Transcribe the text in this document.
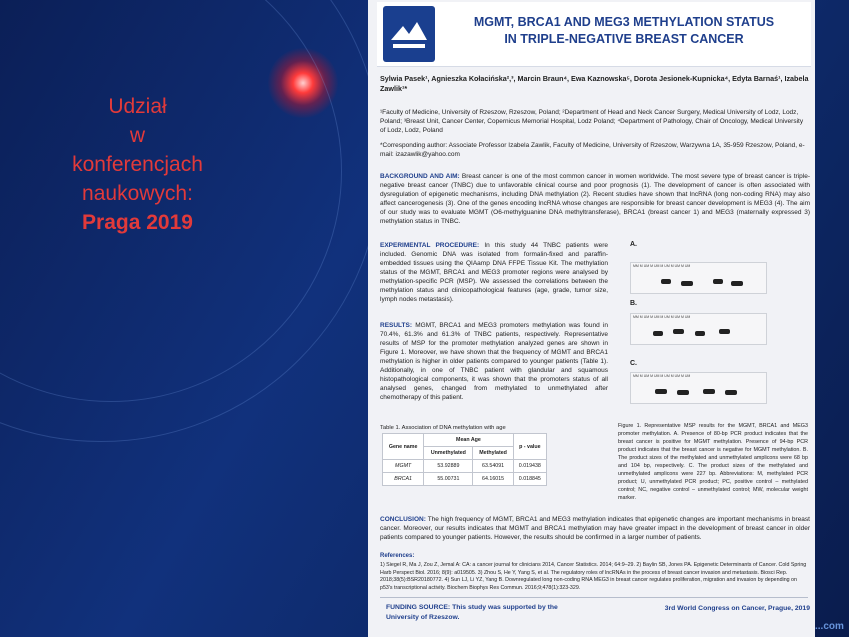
Udział
w
konferencjach
naukowych:
Praga 2019
MGMT, BRCA1 AND MEG3 METHYLATION STATUS
IN TRIPLE-NEGATIVE BREAST CANCER
Sylwia Pasek¹, Agnieszka Kołacińska²,³, Marcin Braun⁴, Ewa Kaznowska⁵, Dorota Jesionek-Kupnicka⁴, Edyta Barnaś¹, Izabela Zawlik¹*
¹Faculty of Medicine, University of Rzeszow, Rzeszow, Poland; ²Department of Head and Neck Cancer Surgery, Medical University of Lodz, Lodz, Poland; ³Breast Unit, Cancer Center, Copernicus Memorial Hospital, Lodz Poland; ⁴Department of Pathology, Chair of Oncology, Medical University of Lodz, Lodz, Poland
*Corresponding author: Associate Professor Izabela Zawlik, Faculty of Medicine, University of Rzeszow, Warzywna 1A, 35-959 Rzeszow, Poland, e-mail: izazawlik@yahoo.com
BACKGROUND AND AIM: Breast cancer is one of the most common cancer in women worldwide. The most severe type of breast cancer is triple-negative breast cancer (TNBC) due to unfavorable clinical course and poor prognosis (1). The development of cancer is often associated with dysregulation of epigenetic mechanisms, including DNA methylation (2). Recent studies have shown that lncRNA (long non-coding RNA) may also affect cancerogenesis (3). One of the genes encoding lncRNA whose changes are responsible for breast cancer development is MEG3 (4). The aim of our study was to evaluate MGMT (O6-methylguanine DNA methyltransferase), BRCA1 (breast cancer 1) and MEG3 (maternally expressed 3) methylation status in TNBC.
EXPERIMENTAL PROCEDURE: In this study 44 TNBC patients were included. Genomic DNA was isolated from formalin-fixed and paraffin-embedded tissues using the QIAamp DNA FFPE Tissue Kit. The methylation status of the MGMT, BRCA1 and MEG3 promoter regions were analysed by methylation-specific PCR (MSP). We assessed the correlations between the methylation status and clinicopathological features (age, grade, tumor size, lymph nodes metastasis).
RESULTS: MGMT, BRCA1 and MEG3 promoters methylation was found in 70.4%, 61.3% and 61.3% of TNBC patients, respectively. Representative results of MSP for the promoter methylation analyzed genes are shown in Figure 1. Moreover, we have shown that the frequency of MGMT and BRCA1 methylation is higher in older patients compared to younger patients (Table 1). Additionally, in one of TNBC patient with glandular and squamous histopathological components, it was shown that the promoters status of all analysed genes, changed from methylated to unmethylated after chemotherapy of this patient.
A.
MM M UM M UM M UM M UM M UM
B.
MM M UM M UM M UM M UM M UM
C.
MM M UM M UM M UM M UM M UM
Table 1. Association of DNA methylation with age
Gene name	Mean Age		p - value
	Unmethylated	Methylated	
MGMT	53.92889	63.54091	0.019438
BRCA1	55.00731	64.16015	0.018845
Figure 1. Representative MSP results for the MGMT, BRCA1 and MEG3 promoter methylation. A. Presence of 80-bp PCR product indicates that the breast cancer is positive for MGMT methylation. Presence of 94-bp PCR product indicates that the breast cancer is negative for MGMT methylation. B. The product sizes of the methylated and unmethylated amplicons were 68 bp and 104 bp, respectively. C. The product sizes of the methylated and unmethylated amplicons were 227 bp. Abbreviations: M, methylated PCR product; U, unmethylated PCR product; PC, positive control – methylated control; NC, negative control – unmethylated control; MW, molecular weight marker.
CONCLUSION: The high frequency of MGMT, BRCA1 and MEG3 methylation indicates that epigenetic changes are important mechanisms in breast cancer. Moreover, our results indicates that MGMT and BRCA1 methylation may have greater impact in the development of breast cancer in older patients compared to younger patients. However, the results should be confirmed in a larger number of patients.
References:
1) Siegel R, Ma J, Zou Z, Jemal A: CA: a cancer journal for clinicians 2014, Cancer Statistics. 2014; 64:9–29. 2) Baylin SB, Jones PA. Epigenetic Determinants of Cancer. Cold Spring Harb Perspect Biol. 2016; 8(9): a019505. 3) Zhou S, He Y, Yang S, et al. The regulatory roles of lncRNAs in the process of breast cancer invasion and metastasis. Biosci Rep. 2018;38(5):BSR20180772. 4) Sun LJ, Li YZ, Yang B. Downregulated long non-coding RNA MEG3 in breast cancer regulates proliferation, migration and invasion by depending on p53's transcriptional activity. Biochem Biophys Res Commun. 2016;9;478(1):323-329.
FUNDING SOURCE: This study was supported by the University of Rzeszow.
3rd World Congress on Cancer, Prague, 2019
...com
